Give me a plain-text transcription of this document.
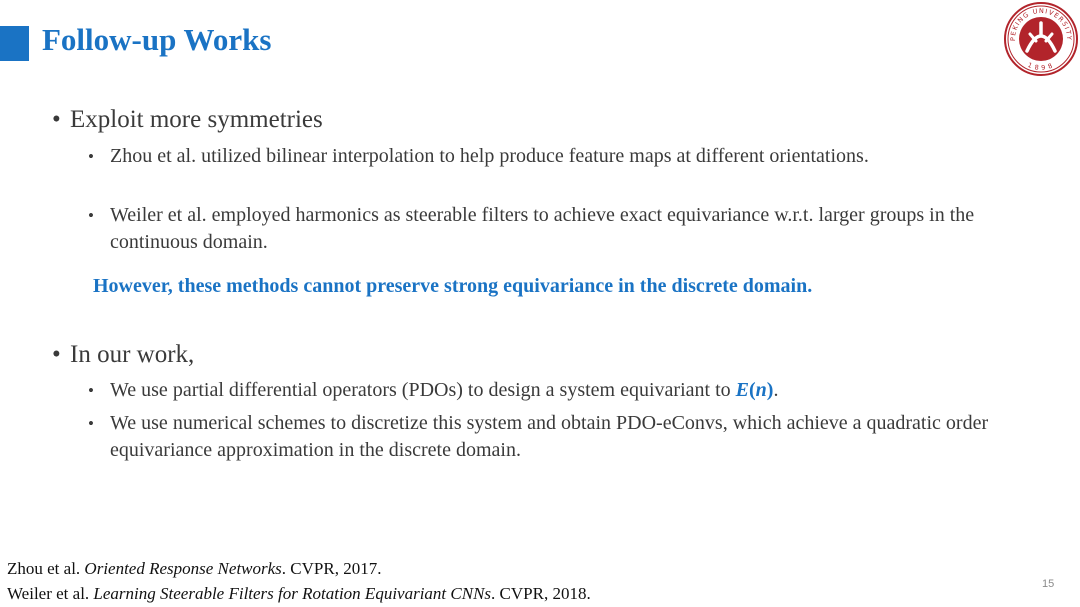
Follow-up Works	PEKING UNIVERSITY
1898
• Exploit more symmetries
• Zhou et al. utilized bilinear interpolation to help produce feature maps at different orientations.
• Weiler et al. employed harmonics as steerable filters to achieve exact equivariance w.r.t. larger groups in the continuous domain.
However, these methods cannot preserve strong equivariance in the discrete domain.
• In our work,
• We use partial differential operators (PDOs) to design a system equivariant to E(n).
• We use numerical schemes to discretize this system and obtain PDO-eConvs, which achieve a quadratic order equivariance approximation in the discrete domain.
Zhou et al. Oriented Response Networks. CVPR, 2017.
Weiler et al. Learning Steerable Filters for Rotation Equivariant CNNs. CVPR, 2018.	15
